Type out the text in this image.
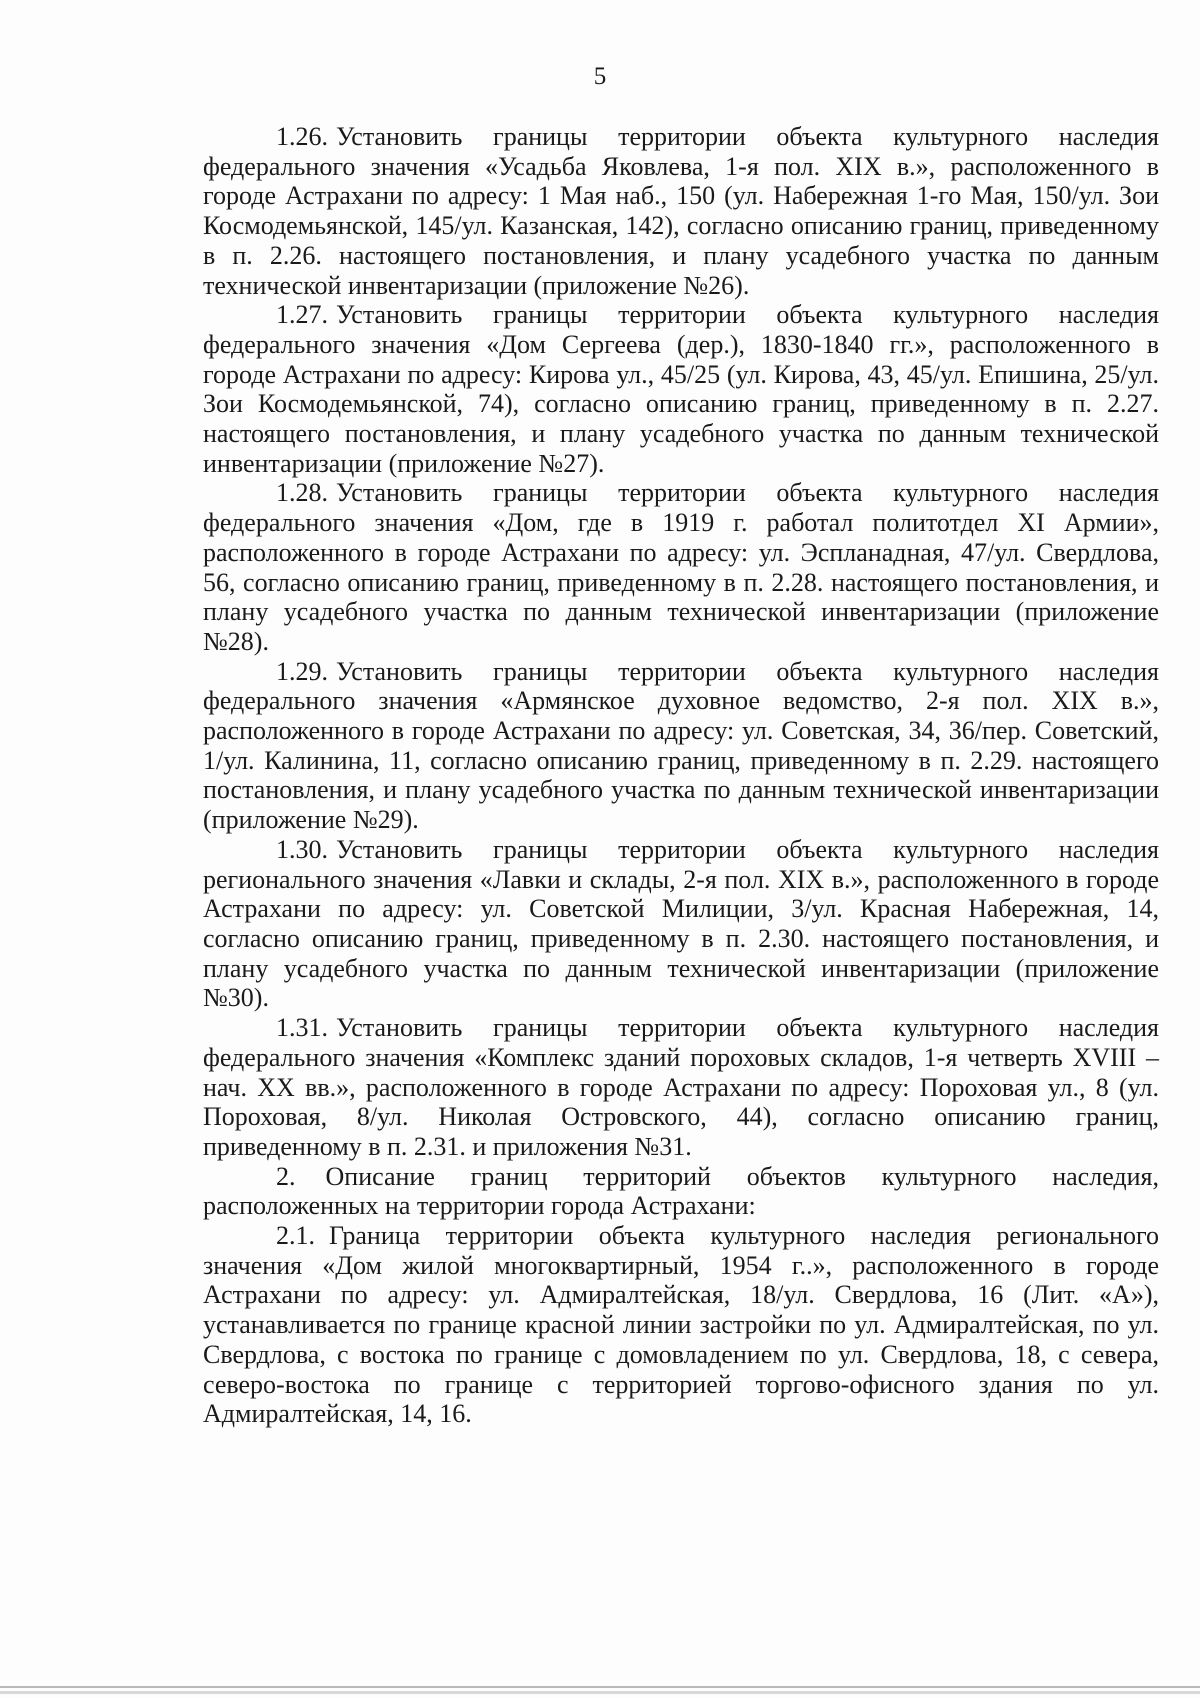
5

1.26. Установить границы территории объекта культурного наследия федерального значения «Усадьба Яковлева, 1-я пол. XIX в.», расположенного в городе Астрахани по адресу: 1 Мая наб., 150 (ул. Набережная 1-го Мая, 150/ул. Зои Космодемьянской, 145/ул. Казанская, 142), согласно описанию границ, приведенному в п. 2.26. настоящего постановления, и плану усадебного участка по данным технической инвентаризации (приложение №26).

1.27. Установить границы территории объекта культурного наследия федерального значения «Дом Сергеева (дер.), 1830-1840 гг.», расположенного в городе Астрахани по адресу: Кирова ул., 45/25 (ул. Кирова, 43, 45/ул. Епишина, 25/ул. Зои Космодемьянской, 74), согласно описанию границ, приведенному в п. 2.27. настоящего постановления, и плану усадебного участка по данным технической инвентаризации (приложение №27).

1.28. Установить границы территории объекта культурного наследия федерального значения «Дом, где в 1919 г. работал политотдел XI Армии», расположенного в городе Астрахани по адресу: ул. Эспланадная, 47/ул. Свердлова, 56, согласно описанию границ, приведенному в п. 2.28. настоящего постановления, и плану усадебного участка по данным технической инвентаризации (приложение №28).

1.29. Установить границы территории объекта культурного наследия федерального значения «Армянское духовное ведомство, 2-я пол. XIX в.», расположенного в городе Астрахани по адресу: ул. Советская, 34, 36/пер. Советский, 1/ул. Калинина, 11, согласно описанию границ, приведенному в п. 2.29. настоящего постановления, и плану усадебного участка по данным технической инвентаризации (приложение №29).

1.30. Установить границы территории объекта культурного наследия регионального значения «Лавки и склады, 2-я пол. XIX в.», расположенного в городе Астрахани по адресу: ул. Советской Милиции, 3/ул. Красная Набережная, 14, согласно описанию границ, приведенному в п. 2.30. настоящего постановления, и плану усадебного участка по данным технической инвентаризации (приложение №30).

1.31. Установить границы территории объекта культурного наследия федерального значения «Комплекс зданий пороховых складов, 1-я четверть XVIII – нач. XX вв.», расположенного в городе Астрахани по адресу: Пороховая ул., 8 (ул. Пороховая, 8/ул. Николая Островского, 44), согласно описанию границ, приведенному в п. 2.31. и приложения №31.

2. Описание границ территорий объектов культурного наследия, расположенных на территории города Астрахани:

2.1. Граница территории объекта культурного наследия регионального значения «Дом жилой многоквартирный, 1954 г..», расположенного в городе Астрахани по адресу: ул. Адмиралтейская, 18/ул. Свердлова, 16 (Лит. «А»), устанавливается по границе красной линии застройки по ул. Адмиралтейская, по ул. Свердлова, с востока по границе с домовладением по ул. Свердлова, 18, с севера, северо-востока по границе с территорией торгово-офисного здания по ул. Адмиралтейская, 14, 16.
